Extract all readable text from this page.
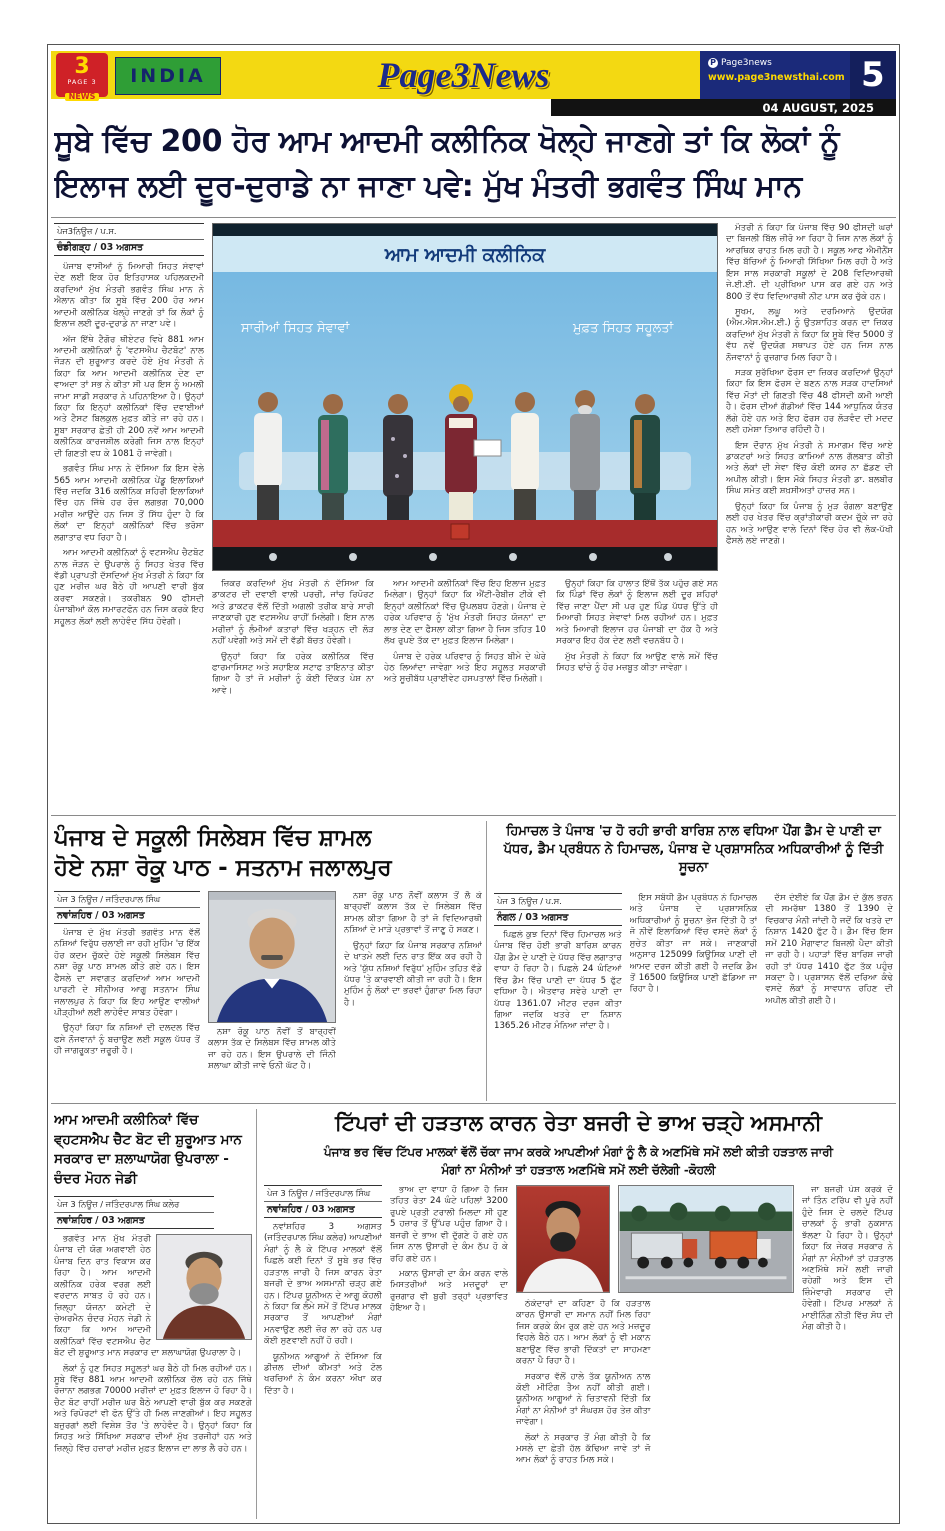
3
PAGE 3
NEWS
INDIA	Page3News	P Page3news
www.page3newsthai.com 5
04 AUGUST, 2025
ਸੂਬੇ ਵਿੱਚ 200 ਹੋਰ ਆਮ ਆਦਮੀ ਕਲੀਨਿਕ ਖੋਲ੍ਹੇ ਜਾਣਗੇ ਤਾਂ ਕਿ ਲੋਕਾਂ ਨੂੰ
ਇਲਾਜ ਲਈ ਦੂਰ-ਦੁਰਾਡੇ ਨਾ ਜਾਣਾ ਪਵੇ: ਮੁੱਖ ਮੰਤਰੀ ਭਗਵੰਤ ਸਿੰਘ ਮਾਨ
ਪੇਜ3ਨਿਊਜ਼ / ਪ.ਸ.
ਚੰਡੀਗੜ੍ਹ / 03 ਅਗਸਤ

ਪੰਜਾਬ ਵਾਸੀਆਂ ਨੂੰ ਮਿਆਰੀ ਸਿਹਤ ਸੇਵਾਵਾਂ ਦੇਣ ਲਈ ਇਕ ਹੋਰ ਇਤਿਹਾਸਕ ਪਹਿਲਕਦਮੀ ਕਰਦਿਆਂ ਮੁੱਖ ਮੰਤਰੀ ਭਗਵੰਤ ਸਿੰਘ ਮਾਨ ਨੇ ਐਲਾਨ ਕੀਤਾ ਕਿ ਸੂਬੇ ਵਿੱਚ 200 ਹੋਰ ਆਮ ਆਦਮੀ ਕਲੀਨਿਕ ਖੋਲ੍ਹੇ ਜਾਣਗੇ ਤਾਂ ਕਿ ਲੋਕਾਂ ਨੂੰ ਇਲਾਜ ਲਈ ਦੂਰ-ਦੁਰਾਡੇ ਨਾ ਜਾਣਾ ਪਵੇ।

ਅੱਜ ਇੱਥੇ ਟੈਗੋਰ ਥੀਏਟਰ ਵਿਖੇ 881 ਆਮ ਆਦਮੀ ਕਲੀਨਿਕਾਂ ਨੂੰ 'ਵਟਸਐਪ ਚੈਟਬੋਟ' ਨਾਲ ਜੋੜਨ ਦੀ ਸ਼ੁਰੂਆਤ ਕਰਦੇ ਹੋਏ ਮੁੱਖ ਮੰਤਰੀ ਨੇ ਕਿਹਾ ਕਿ ਆਮ ਆਦਮੀ ਕਲੀਨਿਕ ਦੇਣ ਦਾ ਵਾਅਦਾ ਤਾਂ ਸਭ ਨੇ ਕੀਤਾ ਸੀ ਪਰ ਇਸ ਨੂੰ ਅਮਲੀ ਜਾਮਾ ਸਾਡੀ ਸਰਕਾਰ ਨੇ ਪਹਿਨਾਇਆ ਹੈ। ਉਨ੍ਹਾਂ ਕਿਹਾ ਕਿ ਇਨ੍ਹਾਂ ਕਲੀਨਿਕਾਂ ਵਿੱਚ ਦਵਾਈਆਂ ਅਤੇ ਟੈਸਟ ਬਿਲਕੁਲ ਮੁਫ਼ਤ ਕੀਤੇ ਜਾ ਰਹੇ ਹਨ। ਸੂਬਾ ਸਰਕਾਰ ਛੇਤੀ ਹੀ 200 ਨਵੇਂ ਆਮ ਆਦਮੀ ਕਲੀਨਿਕ ਕਾਰਜਸ਼ੀਲ ਕਰੇਗੀ ਜਿਸ ਨਾਲ ਇਨ੍ਹਾਂ ਦੀ ਗਿਣਤੀ ਵਧ ਕੇ 1081 ਹੋ ਜਾਵੇਗੀ।

ਭਗਵੰਤ ਸਿੰਘ ਮਾਨ ਨੇ ਦੱਸਿਆ ਕਿ ਇਸ ਵੇਲੇ 565 ਆਮ ਆਦਮੀ ਕਲੀਨਿਕ ਪੇਂਡੂ ਇਲਾਕਿਆਂ ਵਿੱਚ ਜਦਕਿ 316 ਕਲੀਨਿਕ ਸ਼ਹਿਰੀ ਇਲਾਕਿਆਂ ਵਿੱਚ ਹਨ ਜਿੱਥੇ ਹਰ ਰੋਜ਼ ਲਗਭਗ 70,000 ਮਰੀਜ਼ ਆਉਂਦੇ ਹਨ ਜਿਸ ਤੋਂ ਸਿੱਧ ਹੁੰਦਾ ਹੈ ਕਿ ਲੋਕਾਂ ਦਾ ਇਨ੍ਹਾਂ ਕਲੀਨਿਕਾਂ ਵਿੱਚ ਭਰੋਸਾ ਲਗਾਤਾਰ ਵਧ ਰਿਹਾ ਹੈ।

ਆਮ ਆਦਮੀ ਕਲੀਨਿਕਾਂ ਨੂੰ ਵਟਸਐਪ ਚੈਟਬੋਟ ਨਾਲ ਜੋੜਨ ਦੇ ਉਪਰਾਲੇ ਨੂੰ ਸਿਹਤ ਖੇਤਰ ਵਿੱਚ ਵੱਡੀ ਪ੍ਰਾਪਤੀ ਦੱਸਦਿਆਂ ਮੁੱਖ ਮੰਤਰੀ ਨੇ ਕਿਹਾ ਕਿ ਹੁਣ ਮਰੀਜ਼ ਘਰ ਬੈਠੇ ਹੀ ਆਪਣੀ ਵਾਰੀ ਬੁੱਕ ਕਰਵਾ ਸਕਣਗੇ। ਤਕਰੀਬਨ 90 ਫੀਸਦੀ ਪੰਜਾਬੀਆਂ ਕੋਲ ਸਮਾਰਟਫੋਨ ਹਨ ਜਿਸ ਕਰਕੇ ਇਹ ਸਹੂਲਤ ਲੋਕਾਂ ਲਈ ਲਾਹੇਵੰਦ ਸਿੱਧ ਹੋਵੇਗੀ।

ਆਮ ਆਦਮੀ ਕਲੀਨਿਕ
ਸਾਰੀਆਂ ਸਿਹਤ ਸੇਵਾਵਾਂ	ਮੁਫ਼ਤ ਸਿਹਤ ਸਹੂਲਤਾਂ

ਜ਼ਿਕਰ ਕਰਦਿਆਂ ਮੁੱਖ ਮੰਤਰੀ ਨੇ ਦੱਸਿਆ ਕਿ ਡਾਕਟਰ ਦੀ ਦਵਾਈ ਵਾਲੀ ਪਰਚੀ, ਜਾਂਚ ਰਿਪੋਰਟ ਅਤੇ ਡਾਕਟਰ ਵੱਲੋਂ ਦਿੱਤੀ ਅਗਲੀ ਤਰੀਕ ਬਾਰੇ ਸਾਰੀ ਜਾਣਕਾਰੀ ਹੁਣ ਵਟਸਐਪ ਰਾਹੀਂ ਮਿਲੇਗੀ। ਇਸ ਨਾਲ ਮਰੀਜ਼ਾਂ ਨੂੰ ਲੰਮੀਆਂ ਕਤਾਰਾਂ ਵਿੱਚ ਖੜ੍ਹਨ ਦੀ ਲੋੜ ਨਹੀਂ ਪਵੇਗੀ ਅਤੇ ਸਮੇਂ ਦੀ ਵੱਡੀ ਬੱਚਤ ਹੋਵੇਗੀ।

ਉਨ੍ਹਾਂ ਕਿਹਾ ਕਿ ਹਰੇਕ ਕਲੀਨਿਕ ਵਿੱਚ ਫਾਰਮਾਸਿਸਟ ਅਤੇ ਸਹਾਇਕ ਸਟਾਫ ਤਾਇਨਾਤ ਕੀਤਾ ਗਿਆ ਹੈ ਤਾਂ ਜੋ ਮਰੀਜ਼ਾਂ ਨੂੰ ਕੋਈ ਦਿੱਕਤ ਪੇਸ਼ ਨਾ ਆਵੇ।

ਆਮ ਆਦਮੀ ਕਲੀਨਿਕਾਂ ਵਿੱਚ ਇਹ ਇਲਾਜ ਮੁਫ਼ਤ ਮਿਲੇਗਾ। ਉਨ੍ਹਾਂ ਕਿਹਾ ਕਿ ਐਂਟੀ-ਰੈਬੀਜ਼ ਟੀਕੇ ਵੀ ਇਨ੍ਹਾਂ ਕਲੀਨਿਕਾਂ ਵਿੱਚ ਉਪਲਬਧ ਹੋਣਗੇ। ਪੰਜਾਬ ਦੇ ਹਰੇਕ ਪਰਿਵਾਰ ਨੂੰ 'ਮੁੱਖ ਮੰਤਰੀ ਸਿਹਤ ਯੋਜਨਾ' ਦਾ ਲਾਭ ਦੇਣ ਦਾ ਫੈਸਲਾ ਕੀਤਾ ਗਿਆ ਹੈ ਜਿਸ ਤਹਿਤ 10 ਲੱਖ ਰੁਪਏ ਤੱਕ ਦਾ ਮੁਫ਼ਤ ਇਲਾਜ ਮਿਲੇਗਾ।

ਪੰਜਾਬ ਦੇ ਹਰੇਕ ਪਰਿਵਾਰ ਨੂੰ ਸਿਹਤ ਬੀਮੇ ਦੇ ਘੇਰੇ ਹੇਠ ਲਿਆਂਦਾ ਜਾਵੇਗਾ ਅਤੇ ਇਹ ਸਹੂਲਤ ਸਰਕਾਰੀ ਅਤੇ ਸੂਚੀਬੱਧ ਪ੍ਰਾਈਵੇਟ ਹਸਪਤਾਲਾਂ ਵਿੱਚ ਮਿਲੇਗੀ।

ਉਨ੍ਹਾਂ ਕਿਹਾ ਕਿ ਹਾਲਾਤ ਇੱਥੋਂ ਤੱਕ ਪਹੁੰਚ ਗਏ ਸਨ ਕਿ ਪਿੰਡਾਂ ਵਿੱਚ ਲੋਕਾਂ ਨੂੰ ਇਲਾਜ ਲਈ ਦੂਰ ਸ਼ਹਿਰਾਂ ਵਿੱਚ ਜਾਣਾ ਪੈਂਦਾ ਸੀ ਪਰ ਹੁਣ ਪਿੰਡ ਪੱਧਰ ਉੱਤੇ ਹੀ ਮਿਆਰੀ ਸਿਹਤ ਸੇਵਾਵਾਂ ਮਿਲ ਰਹੀਆਂ ਹਨ। ਮੁਫ਼ਤ ਅਤੇ ਮਿਆਰੀ ਇਲਾਜ ਹਰ ਪੰਜਾਬੀ ਦਾ ਹੱਕ ਹੈ ਅਤੇ ਸਰਕਾਰ ਇਹ ਹੱਕ ਦੇਣ ਲਈ ਵਚਨਬੱਧ ਹੈ।

ਮੁੱਖ ਮੰਤਰੀ ਨੇ ਕਿਹਾ ਕਿ ਆਉਣ ਵਾਲੇ ਸਮੇਂ ਵਿੱਚ ਸਿਹਤ ਢਾਂਚੇ ਨੂੰ ਹੋਰ ਮਜ਼ਬੂਤ ਕੀਤਾ ਜਾਵੇਗਾ।

ਮੰਤਰੀ ਨੇ ਕਿਹਾ ਕਿ ਪੰਜਾਬ ਵਿੱਚ 90 ਫੀਸਦੀ ਘਰਾਂ ਦਾ ਬਿਜਲੀ ਬਿੱਲ ਜ਼ੀਰੋ ਆ ਰਿਹਾ ਹੈ ਜਿਸ ਨਾਲ ਲੋਕਾਂ ਨੂੰ ਆਰਥਿਕ ਰਾਹਤ ਮਿਲ ਰਹੀ ਹੈ। ਸਕੂਲ ਆਫ ਐਮੀਨੈਂਸ ਵਿੱਚ ਬੱਚਿਆਂ ਨੂੰ ਮਿਆਰੀ ਸਿੱਖਿਆ ਮਿਲ ਰਹੀ ਹੈ ਅਤੇ ਇਸ ਸਾਲ ਸਰਕਾਰੀ ਸਕੂਲਾਂ ਦੇ 208 ਵਿਦਿਆਰਥੀ ਜੇ.ਈ.ਈ. ਦੀ ਪ੍ਰੀਖਿਆ ਪਾਸ ਕਰ ਗਏ ਹਨ ਅਤੇ 800 ਤੋਂ ਵੱਧ ਵਿਦਿਆਰਥੀ ਨੀਟ ਪਾਸ ਕਰ ਚੁੱਕੇ ਹਨ।

ਸੂਖਮ, ਲਘੂ ਅਤੇ ਦਰਮਿਆਨੇ ਉਦਯੋਗ (ਐਮ.ਐਸ.ਐਮ.ਈ.) ਨੂੰ ਉਤਸ਼ਾਹਿਤ ਕਰਨ ਦਾ ਜ਼ਿਕਰ ਕਰਦਿਆਂ ਮੁੱਖ ਮੰਤਰੀ ਨੇ ਕਿਹਾ ਕਿ ਸੂਬੇ ਵਿੱਚ 5000 ਤੋਂ ਵੱਧ ਨਵੇਂ ਉਦਯੋਗ ਸਥਾਪਤ ਹੋਏ ਹਨ ਜਿਸ ਨਾਲ ਨੌਜਵਾਨਾਂ ਨੂੰ ਰੁਜ਼ਗਾਰ ਮਿਲ ਰਿਹਾ ਹੈ।

ਸੜਕ ਸੁਰੱਖਿਆ ਫੋਰਸ ਦਾ ਜ਼ਿਕਰ ਕਰਦਿਆਂ ਉਨ੍ਹਾਂ ਕਿਹਾ ਕਿ ਇਸ ਫੋਰਸ ਦੇ ਬਣਨ ਨਾਲ ਸੜਕ ਹਾਦਸਿਆਂ ਵਿੱਚ ਮੌਤਾਂ ਦੀ ਗਿਣਤੀ ਵਿੱਚ 48 ਫੀਸਦੀ ਕਮੀ ਆਈ ਹੈ। ਫੋਰਸ ਦੀਆਂ ਗੱਡੀਆਂ ਵਿੱਚ 144 ਆਧੁਨਿਕ ਯੰਤਰ ਲੱਗੇ ਹੋਏ ਹਨ ਅਤੇ ਇਹ ਫੋਰਸ ਹਰ ਲੋੜਵੰਦ ਦੀ ਮਦਦ ਲਈ ਹਮੇਸ਼ਾ ਤਿਆਰ ਰਹਿੰਦੀ ਹੈ।

ਇਸ ਦੌਰਾਨ ਮੁੱਖ ਮੰਤਰੀ ਨੇ ਸਮਾਗਮ ਵਿੱਚ ਆਏ ਡਾਕਟਰਾਂ ਅਤੇ ਸਿਹਤ ਕਾਮਿਆਂ ਨਾਲ ਗੱਲਬਾਤ ਕੀਤੀ ਅਤੇ ਲੋਕਾਂ ਦੀ ਸੇਵਾ ਵਿੱਚ ਕੋਈ ਕਸਰ ਨਾ ਛੱਡਣ ਦੀ ਅਪੀਲ ਕੀਤੀ। ਇਸ ਮੌਕੇ ਸਿਹਤ ਮੰਤਰੀ ਡਾ. ਬਲਬੀਰ ਸਿੰਘ ਸਮੇਤ ਕਈ ਸ਼ਖ਼ਸੀਅਤਾਂ ਹਾਜ਼ਰ ਸਨ।

ਉਨ੍ਹਾਂ ਕਿਹਾ ਕਿ ਪੰਜਾਬ ਨੂੰ ਮੁੜ ਰੰਗਲਾ ਬਣਾਉਣ ਲਈ ਹਰ ਖੇਤਰ ਵਿੱਚ ਕ੍ਰਾਂਤੀਕਾਰੀ ਕਦਮ ਚੁ੍ੱਕੇ ਜਾ ਰਹੇ ਹਨ ਅਤੇ ਆਉਣ ਵਾਲੇ ਦਿਨਾਂ ਵਿੱਚ ਹੋਰ ਵੀ ਲੋਕ-ਪੱਖੀ ਫੈਸਲੇ ਲਏ ਜਾਣਗੇ।

ਪੰਜਾਬ ਦੇ ਸਕੂਲੀ ਸਿਲੇਬਸ ਵਿੱਚ ਸ਼ਾਮਲ
ਹੋਏ ਨਸ਼ਾ ਰੋਕੂ ਪਾਠ - ਸਤਨਾਮ ਜਲਾਲਪੁਰ
ਪੇਜ 3 ਨਿਊਜ਼ / ਜਤਿੰਦਰਪਾਲ ਸਿੰਘ
ਨਵਾਂਸ਼ਹਿਰ / 03 ਅਗਸਤ

ਪੰਜਾਬ ਦੇ ਮੁੱਖ ਮੰਤਰੀ ਭਗਵੰਤ ਮਾਨ ਵੱਲੋਂ ਨਸ਼ਿਆਂ ਵਿਰੁੱਧ ਚਲਾਈ ਜਾ ਰਹੀ ਮੁਹਿੰਮ 'ਚ ਇੱਕ ਹੋਰ ਕਦਮ ਚੁੱਕਦੇ ਹੋਏ ਸਕੂਲੀ ਸਿਲੇਬਸ ਵਿੱਚ ਨਸ਼ਾ ਰੋਕੂ ਪਾਠ ਸ਼ਾਮਲ ਕੀਤੇ ਗਏ ਹਨ। ਇਸ ਫੈਸਲੇ ਦਾ ਸਵਾਗਤ ਕਰਦਿਆਂ ਆਮ ਆਦਮੀ ਪਾਰਟੀ ਦੇ ਸੀਨੀਅਰ ਆਗੂ ਸਤਨਾਮ ਸਿੰਘ ਜਲਾਲਪੁਰ ਨੇ ਕਿਹਾ ਕਿ ਇਹ ਆਉਣ ਵਾਲੀਆਂ ਪੀੜ੍ਹੀਆਂ ਲਈ ਲਾਹੇਵੰਦ ਸਾਬਤ ਹੋਵੇਗਾ।

ਉਨ੍ਹਾਂ ਕਿਹਾ ਕਿ ਨਸ਼ਿਆਂ ਦੀ ਦਲਦਲ ਵਿੱਚ ਫਸੇ ਨੌਜਵਾਨਾਂ ਨੂੰ ਬਚਾਉਣ ਲਈ ਸਕੂਲ ਪੱਧਰ ਤੋਂ ਹੀ ਜਾਗਰੂਕਤਾ ਜ਼ਰੂਰੀ ਹੈ।

ਨਸ਼ਾ ਰੋਕੂ ਪਾਠ ਨੌਵੀਂ ਤੋਂ ਬਾਰ੍ਹਵੀਂ ਕਲਾਸ ਤੱਕ ਦੇ ਸਿਲੇਬਸ ਵਿੱਚ ਸ਼ਾਮਲ ਕੀਤੇ ਜਾ ਰਹੇ ਹਨ। ਇਸ ਉਪਰਾਲੇ ਦੀ ਜਿੰਨੀ ਸ਼ਲਾਘਾ ਕੀਤੀ ਜਾਵੇ ਓਨੀ ਘੱਟ ਹੈ।

ਨਸ਼ਾ ਰੋਕੂ ਪਾਠ ਨੌਵੀਂ ਕਲਾਸ ਤੋਂ ਲੈ ਕੇ ਬਾਰ੍ਹਵੀਂ ਕਲਾਸ ਤੱਕ ਦੇ ਸਿਲੇਬਸ ਵਿੱਚ ਸ਼ਾਮਲ ਕੀਤਾ ਗਿਆ ਹੈ ਤਾਂ ਜੋ ਵਿਦਿਆਰਥੀ ਨਸ਼ਿਆਂ ਦੇ ਮਾੜੇ ਪ੍ਰਭਾਵਾਂ ਤੋਂ ਜਾਣੂ ਹੋ ਸਕਣ।

ਉਨ੍ਹਾਂ ਕਿਹਾ ਕਿ ਪੰਜਾਬ ਸਰਕਾਰ ਨਸ਼ਿਆਂ ਦੇ ਖਾਤਮੇ ਲਈ ਦਿਨ ਰਾਤ ਇੱਕ ਕਰ ਰਹੀ ਹੈ ਅਤੇ 'ਯੁੱਧ ਨਸ਼ਿਆਂ ਵਿਰੁੱਧ' ਮੁਹਿੰਮ ਤਹਿਤ ਵੱਡੇ ਪੱਧਰ 'ਤੇ ਕਾਰਵਾਈ ਕੀਤੀ ਜਾ ਰਹੀ ਹੈ। ਇਸ ਮੁਹਿੰਮ ਨੂੰ ਲੋਕਾਂ ਦਾ ਭਰਵਾਂ ਹੁੰਗਾਰਾ ਮਿਲ ਰਿਹਾ ਹੈ।

ਹਿਮਾਚਲ ਤੇ ਪੰਜਾਬ 'ਚ ਹੋ ਰਹੀ ਭਾਰੀ ਬਾਰਿਸ਼ ਨਾਲ ਵਧਿਆ ਪੌਂਗ ਡੈਮ ਦੇ ਪਾਣੀ ਦਾ ਪੱਧਰ, ਡੈਮ ਪ੍ਰਬੰਧਨ ਨੇ ਹਿਮਾਚਲ, ਪੰਜਾਬ ਦੇ ਪ੍ਰਸ਼ਾਸਨਿਕ ਅਧਿਕਾਰੀਆਂ ਨੂੰ ਦਿੱਤੀ ਸੂਚਨਾ
ਪੇਜ 3 ਨਿਊਜ਼ / ਪ.ਸ.
ਨੰਗਲ / 03 ਅਗਸਤ

ਪਿਛਲੇ ਕੁਝ ਦਿਨਾਂ ਵਿੱਚ ਹਿਮਾਚਲ ਅਤੇ ਪੰਜਾਬ ਵਿੱਚ ਹੋਈ ਭਾਰੀ ਬਾਰਿਸ਼ ਕਾਰਨ ਪੌਂਗ ਡੈਮ ਦੇ ਪਾਣੀ ਦੇ ਪੱਧਰ ਵਿੱਚ ਲਗਾਤਾਰ ਵਾਧਾ ਹੋ ਰਿਹਾ ਹੈ। ਪਿਛਲੇ 24 ਘੰਟਿਆਂ ਵਿੱਚ ਡੈਮ ਵਿੱਚ ਪਾਣੀ ਦਾ ਪੱਧਰ 5 ਫੁੱਟ ਵਧਿਆ ਹੈ। ਐਤਵਾਰ ਸਵੇਰੇ ਪਾਣੀ ਦਾ ਪੱਧਰ 1361.07 ਮੀਟਰ ਦਰਜ ਕੀਤਾ ਗਿਆ ਜਦਕਿ ਖਤਰੇ ਦਾ ਨਿਸ਼ਾਨ 1365.26 ਮੀਟਰ ਮੰਨਿਆ ਜਾਂਦਾ ਹੈ।

ਇਸ ਸਬੰਧੀ ਡੈਮ ਪ੍ਰਬੰਧਨ ਨੇ ਹਿਮਾਚਲ ਅਤੇ ਪੰਜਾਬ ਦੇ ਪ੍ਰਸ਼ਾਸਨਿਕ ਅਧਿਕਾਰੀਆਂ ਨੂੰ ਸੂਚਨਾ ਭੇਜ ਦਿੱਤੀ ਹੈ ਤਾਂ ਜੋ ਨੀਵੇਂ ਇਲਾਕਿਆਂ ਵਿੱਚ ਵਸਦੇ ਲੋਕਾਂ ਨੂੰ ਸੁਚੇਤ ਕੀਤਾ ਜਾ ਸਕੇ। ਜਾਣਕਾਰੀ ਅਨੁਸਾਰ 125099 ਕਿਊਸਿਕ ਪਾਣੀ ਦੀ ਆਮਦ ਦਰਜ ਕੀਤੀ ਗਈ ਹੈ ਜਦਕਿ ਡੈਮ ਤੋਂ 16500 ਕਿਊਸਿਕ ਪਾਣੀ ਛੱਡਿਆ ਜਾ ਰਿਹਾ ਹੈ।

ਦੱਸ ਦੇਈਏ ਕਿ ਪੌਂਗ ਡੈਮ ਦੇ ਕੁੱਲ ਭਰਨ ਦੀ ਸਮਰੱਥਾ 1380 ਤੋਂ 1390 ਦੇ ਵਿਚਕਾਰ ਮੰਨੀ ਜਾਂਦੀ ਹੈ ਜਦੋਂ ਕਿ ਖਤਰੇ ਦਾ ਨਿਸ਼ਾਨ 1420 ਫੁੱਟ ਹੈ। ਡੈਮ ਵਿੱਚ ਇਸ ਸਮੇਂ 210 ਮੈਗਾਵਾਟ ਬਿਜਲੀ ਪੈਦਾ ਕੀਤੀ ਜਾ ਰਹੀ ਹੈ। ਪਹਾੜਾਂ ਵਿੱਚ ਬਾਰਿਸ਼ ਜਾਰੀ ਰਹੀ ਤਾਂ ਪੱਧਰ 1410 ਫੁੱਟ ਤੱਕ ਪਹੁੰਚ ਸਕਦਾ ਹੈ। ਪ੍ਰਸ਼ਾਸਨ ਵੱਲੋਂ ਦਰਿਆ ਕੰਢੇ ਵਸਦੇ ਲੋਕਾਂ ਨੂੰ ਸਾਵਧਾਨ ਰਹਿਣ ਦੀ ਅਪੀਲ ਕੀਤੀ ਗਈ ਹੈ।

ਆਮ ਆਦਮੀ ਕਲੀਨਿਕਾਂ ਵਿੱਚ ਵ੍ਹਟਸਐਪ ਚੈਟ ਬੋਟ ਦੀ ਸ਼ੁਰੂਆਤ ਮਾਨ ਸਰਕਾਰ ਦਾ ਸ਼ਲਾਘਾਯੋਗ ਉਪਰਾਲਾ - ਚੰਦਰ ਮੋਹਨ ਜੇਡੀ
ਪੇਜ 3 ਨਿਊਜ਼ / ਜਤਿੰਦਰਪਾਲ ਸਿੰਘ ਕਲੇਰ
ਨਵਾਂਸ਼ਹਿਰ / 03 ਅਗਸਤ

ਭਗਵੰਤ ਮਾਨ ਮੁੱਖ ਮੰਤਰੀ ਪੰਜਾਬ ਦੀ ਯੋਗ ਅਗਵਾਈ ਹੇਠ ਪੰਜਾਬ ਦਿਨ ਰਾਤ ਵਿਕਾਸ ਕਰ ਰਿਹਾ ਹੈ। ਆਮ ਆਦਮੀ ਕਲੀਨਿਕ ਹਰੇਕ ਵਰਗ ਲਈ ਵਰਦਾਨ ਸਾਬਤ ਹੋ ਰਹੇ ਹਨ। ਜ਼ਿਲ੍ਹਾ ਯੋਜਨਾ ਕਮੇਟੀ ਦੇ ਚੇਅਰਮੈਨ ਚੰਦਰ ਮੋਹਨ ਜੇਡੀ ਨੇ ਕਿਹਾ ਕਿ ਆਮ ਆਦਮੀ ਕਲੀਨਿਕਾਂ ਵਿੱਚ ਵਟਸਐਪ ਚੈਟ ਬੋਟ ਦੀ ਸ਼ੁਰੂਆਤ ਮਾਨ ਸਰਕਾਰ ਦਾ ਸ਼ਲਾਘਾਯੋਗ ਉਪਰਾਲਾ ਹੈ।

ਲੋਕਾਂ ਨੂੰ ਹੁਣ ਸਿਹਤ ਸਹੂਲਤਾਂ ਘਰ ਬੈਠੇ ਹੀ ਮਿਲ ਰਹੀਆਂ ਹਨ। ਸੂਬੇ ਵਿੱਚ 881 ਆਮ ਆਦਮੀ ਕਲੀਨਿਕ ਚੱਲ ਰਹੇ ਹਨ ਜਿੱਥੇ ਰੋਜ਼ਾਨਾ ਲਗਭਗ 70000 ਮਰੀਜ਼ਾਂ ਦਾ ਮੁਫ਼ਤ ਇਲਾਜ ਹੋ ਰਿਹਾ ਹੈ। ਚੈਟ ਬੋਟ ਰਾਹੀਂ ਮਰੀਜ਼ ਘਰ ਬੈਠੇ ਆਪਣੀ ਵਾਰੀ ਬੁੱਕ ਕਰ ਸਕਣਗੇ ਅਤੇ ਰਿਪੋਰਟਾਂ ਵੀ ਫੋਨ ਉੱਤੇ ਹੀ ਮਿਲ ਜਾਣਗੀਆਂ। ਇਹ ਸਹੂਲਤ ਬਜ਼ੁਰਗਾਂ ਲਈ ਵਿਸ਼ੇਸ਼ ਤੌਰ 'ਤੇ ਲਾਹੇਵੰਦ ਹੈ। ਉਨ੍ਹਾਂ ਕਿਹਾ ਕਿ ਸਿਹਤ ਅਤੇ ਸਿੱਖਿਆ ਸਰਕਾਰ ਦੀਆਂ ਮੁੱਖ ਤਰਜੀਹਾਂ ਹਨ ਅਤੇ ਜ਼ਿਲ੍ਹੇ ਵਿੱਚ ਹਜ਼ਾਰਾਂ ਮਰੀਜ਼ ਮੁਫ਼ਤ ਇਲਾਜ ਦਾ ਲਾਭ ਲੈ ਰਹੇ ਹਨ।

ਟਿੱਪਰਾਂ ਦੀ ਹੜਤਾਲ ਕਾਰਨ ਰੇਤਾ ਬਜਰੀ ਦੇ ਭਾਅ ਚੜ੍ਹੇ ਅਸਮਾਨੀ
ਪੰਜਾਬ ਭਰ ਵਿੱਚ ਟਿੱਪਰ ਮਾਲਕਾਂ ਵੱਲੋਂ ਚੱਕਾ ਜਾਮ ਕਰਕੇ ਆਪਣੀਆਂ ਮੰਗਾਂ ਨੂੰ ਲੈ ਕੇ ਅਣਮਿੱਥੇ ਸਮੇਂ ਲਈ ਕੀਤੀ ਹੜਤਾਲ ਜਾਰੀ
ਮੰਗਾਂ ਨਾ ਮੰਨੀਆਂ ਤਾਂ ਹੜਤਾਲ ਅਣਮਿੱਥੇ ਸਮੇਂ ਲਈ ਚੱਲੇਗੀ -ਕੋਹਲੀ
ਪੇਜ 3 ਨਿਊਜ਼ / ਜਤਿੰਦਰਪਾਲ ਸਿੰਘ
ਨਵਾਂਸ਼ਹਿਰ / 03 ਅਗਸਤ

ਨਵਾਂਸ਼ਹਿਰ 3 ਅਗਸਤ (ਜਤਿੰਦਰਪਾਲ ਸਿੰਘ ਕਲੇਰ) ਆਪਣੀਆਂ ਮੰਗਾਂ ਨੂੰ ਲੈ ਕੇ ਟਿੱਪਰ ਮਾਲਕਾਂ ਵੱਲੋਂ ਪਿਛਲੇ ਕਈ ਦਿਨਾਂ ਤੋਂ ਸੂਬੇ ਭਰ ਵਿੱਚ ਹੜਤਾਲ ਜਾਰੀ ਹੈ ਜਿਸ ਕਾਰਨ ਰੇਤਾ ਬਜਰੀ ਦੇ ਭਾਅ ਅਸਮਾਨੀ ਚੜ੍ਹ ਗਏ ਹਨ। ਟਿੱਪਰ ਯੂਨੀਅਨ ਦੇ ਆਗੂ ਕੋਹਲੀ ਨੇ ਕਿਹਾ ਕਿ ਲੰਮੇ ਸਮੇਂ ਤੋਂ ਟਿੱਪਰ ਮਾਲਕ ਸਰਕਾਰ ਤੋਂ ਆਪਣੀਆਂ ਮੰਗਾਂ ਮਨਵਾਉਣ ਲਈ ਜ਼ੋਰ ਲਾ ਰਹੇ ਹਨ ਪਰ ਕੋਈ ਸੁਣਵਾਈ ਨਹੀਂ ਹੋ ਰਹੀ।

ਯੂਨੀਅਨ ਆਗੂਆਂ ਨੇ ਦੱਸਿਆ ਕਿ ਡੀਜ਼ਲ ਦੀਆਂ ਕੀਮਤਾਂ ਅਤੇ ਟੋਲ ਖਰਚਿਆਂ ਨੇ ਕੰਮ ਕਰਨਾ ਔਖਾ ਕਰ ਦਿੱਤਾ ਹੈ।

ਭਾਅ ਦਾ ਵਾਧਾ ਹੋ ਗਿਆ ਹੈ ਜਿਸ ਤਹਿਤ ਰੇਤਾ 24 ਘੰਟੇ ਪਹਿਲਾਂ 3200 ਰੁਪਏ ਪ੍ਰਤੀ ਟਰਾਲੀ ਮਿਲਦਾ ਸੀ ਹੁਣ 5 ਹਜ਼ਾਰ ਤੋਂ ਉੱਪਰ ਪਹੁੰਚ ਗਿਆ ਹੈ। ਬਜਰੀ ਦੇ ਭਾਅ ਵੀ ਦੁੱਗਣੇ ਹੋ ਗਏ ਹਨ ਜਿਸ ਨਾਲ ਉਸਾਰੀ ਦੇ ਕੰਮ ਠੱਪ ਹੋ ਕੇ ਰਹਿ ਗਏ ਹਨ।

ਮਕਾਨ ਉਸਾਰੀ ਦਾ ਕੰਮ ਕਰਨ ਵਾਲੇ ਮਿਸਤਰੀਆਂ ਅਤੇ ਮਜ਼ਦੂਰਾਂ ਦਾ ਰੁਜ਼ਗਾਰ ਵੀ ਬੁਰੀ ਤਰ੍ਹਾਂ ਪ੍ਰਭਾਵਿਤ ਹੋਇਆ ਹੈ।	ਠੇਕੇਦਾਰਾਂ ਦਾ ਕਹਿਣਾ ਹੈ ਕਿ ਹੜਤਾਲ ਕਾਰਨ ਉਸਾਰੀ ਦਾ ਸਮਾਨ ਨਹੀਂ ਮਿਲ ਰਿਹਾ ਜਿਸ ਕਰਕੇ ਕੰਮ ਰੁਕ ਗਏ ਹਨ ਅਤੇ ਮਜ਼ਦੂਰ ਵਿਹਲੇ ਬੈਠੇ ਹਨ। ਆਮ ਲੋਕਾਂ ਨੂੰ ਵੀ ਮਕਾਨ ਬਣਾਉਣ ਵਿੱਚ ਭਾਰੀ ਦਿੱਕਤਾਂ ਦਾ ਸਾਹਮਣਾ ਕਰਨਾ ਪੈ ਰਿਹਾ ਹੈ।

ਸਰਕਾਰ ਵੱਲੋਂ ਹਾਲੇ ਤੱਕ ਯੂਨੀਅਨ ਨਾਲ ਕੋਈ ਮੀਟਿੰਗ ਤੈਅ ਨਹੀਂ ਕੀਤੀ ਗਈ। ਯੂਨੀਅਨ ਆਗੂਆਂ ਨੇ ਚਿਤਾਵਨੀ ਦਿੱਤੀ ਕਿ ਮੰਗਾਂ ਨਾ ਮੰਨੀਆਂ ਤਾਂ ਸੰਘਰਸ਼ ਹੋਰ ਤੇਜ਼ ਕੀਤਾ ਜਾਵੇਗਾ।

ਲੋਕਾਂ ਨੇ ਸਰਕਾਰ ਤੋਂ ਮੰਗ ਕੀਤੀ ਹੈ ਕਿ ਮਸਲੇ ਦਾ ਛੇਤੀ ਹੱਲ ਕੱਢਿਆ ਜਾਵੇ ਤਾਂ ਜੋ ਆਮ ਲੋਕਾਂ ਨੂੰ ਰਾਹਤ ਮਿਲ ਸਕੇ।

ਜਾ ਬਜਰੀ ਪੇਸ਼ ਕਰਕੇ ਦੋ ਜਾਂ ਤਿੰਨ ਟਰਿੱਪ ਵੀ ਪੂਰੇ ਨਹੀਂ ਹੁੰਦੇ ਜਿਸ ਦੇ ਚਲਦੇ ਟਿੱਪਰ ਚਾਲਕਾਂ ਨੂੰ ਭਾਰੀ ਨੁਕਸਾਨ ਝੱਲਣਾ ਪੈ ਰਿਹਾ ਹੈ। ਉਨ੍ਹਾਂ ਕਿਹਾ ਕਿ ਜੇਕਰ ਸਰਕਾਰ ਨੇ ਮੰਗਾਂ ਨਾ ਮੰਨੀਆਂ ਤਾਂ ਹੜਤਾਲ ਅਣਮਿੱਥੇ ਸਮੇਂ ਲਈ ਜਾਰੀ ਰਹੇਗੀ ਅਤੇ ਇਸ ਦੀ ਜ਼ਿੰਮੇਵਾਰੀ ਸਰਕਾਰ ਦੀ ਹੋਵੇਗੀ। ਟਿੱਪਰ ਮਾਲਕਾਂ ਨੇ ਮਾਈਨਿੰਗ ਨੀਤੀ ਵਿੱਚ ਸੋਧ ਦੀ ਮੰਗ ਕੀਤੀ ਹੈ।
